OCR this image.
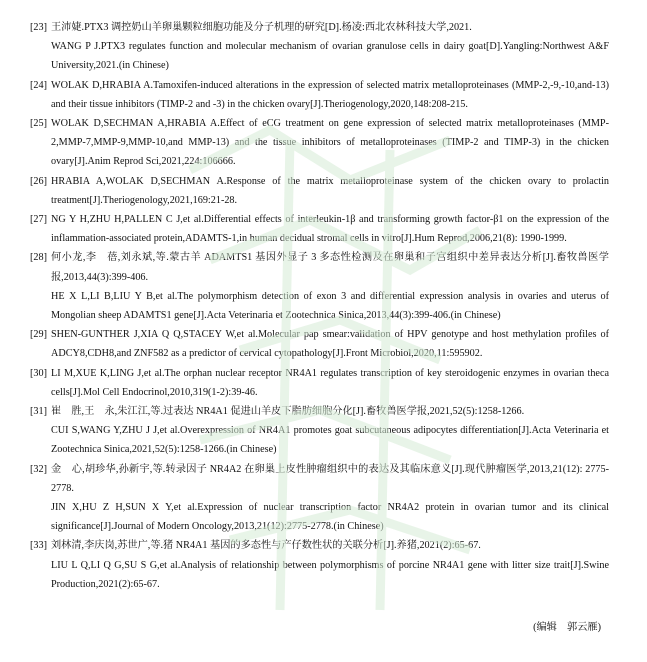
[23] 王沛婕.PTX3 调控奶山羊卵巢颗粒细胞功能及分子机理的研究[D].杨凌:西北农林科技大学,2021.
WANG P J.PTX3 regulates function and molecular mechanism of ovarian granulose cells in dairy goat[D].Yangling:Northwest A&F University,2021.(in Chinese)
[24] WOLAK D,HRABIA A.Tamoxifen-induced alterations in the expression of selected matrix metalloproteinases (MMP-2,-9,-10,and-13) and their tissue inhibitors (TIMP-2 and -3) in the chicken ovary[J].Theriogenology,2020,148:208-215.
[25] WOLAK D,SECHMAN A,HRABIA A.Effect of eCG treatment on gene expression of selected matrix metalloproteinases (MMP-2,MMP-7,MMP-9,MMP-10,and MMP-13) and the tissue inhibitors of metalloproteinases (TIMP-2 and TIMP-3) in the chicken ovary[J].Anim Reprod Sci,2021,224:106666.
[26] HRABIA A,WOLAK D,SECHMAN A.Response of the matrix metalloproteinase system of the chicken ovary to prolactin treatment[J].Theriogenology,2021,169:21-28.
[27] NG Y H,ZHU H,PALLEN C J,et al.Differential effects of interleukin-1β and transforming growth factor-β1 on the expression of the inflammation-associated protein,ADAMTS-1,in human decidual stromal cells in vitro[J].Hum Reprod,2006,21(8): 1990-1999.
[28] 何小龙,李　蓓,刘永斌,等.蒙古羊 ADAMTS1 基因外显子 3 多态性检测及在卵巢和子宫组织中差异表达分析[J].畜牧兽医学报,2013,44(3):399-406.
HE X L,LI B,LIU Y B,et al.The polymorphism detection of exon 3 and differential expression analysis in ovaries and uterus of Mongolian sheep ADAMTS1 gene[J].Acta Veterinaria et Zootechnica Sinica,2013,44(3):399-406.(in Chinese)
[29] SHEN-GUNTHER J,XIA Q Q,STACEY W,et al.Molecular pap smear:validation of HPV genotype and host methylation profiles of ADCY8,CDH8,and ZNF582 as a predictor of cervical cytopathology[J].Front Microbiol,2020,11:595902.
[30] LI M,XUE K,LING J,et al.The orphan nuclear receptor NR4A1 regulates transcription of key steroidogenic enzymes in ovarian theca cells[J].Mol Cell Endocrinol,2010,319(1-2):39-46.
[31] 崔　胜,王　永,朱江江,等.过表达 NR4A1 促进山羊皮下脂肪细胞分化[J].畜牧兽医学报,2021,52(5):1258-1266.
CUI S,WANG Y,ZHU J J,et al.Overexpression of NR4A1 promotes goat subcutaneous adipocytes differentiation[J].Acta Veterinaria et Zootechnica Sinica,2021,52(5):1258-1266.(in Chinese)
[32] 金　心,胡珍华,孙新宇,等.转录因子 NR4A2 在卵巢上皮性肿瘤组织中的表达及其临床意义[J].现代肿瘤医学,2013,21(12): 2775-2778.
JIN X,HU Z H,SUN X Y,et al.Expression of nuclear transcription factor NR4A2 protein in ovarian tumor and its clinical significance[J].Journal of Modern Oncology,2013,21(12):2775-2778.(in Chinese)
[33] 刘林清,李庆岗,苏世广,等.猪 NR4A1 基因的多态性与产仔数性状的关联分析[J].养猪,2021(2):65-67.
LIU L Q,LI Q G,SU S G,et al.Analysis of relationship between polymorphisms of porcine NR4A1 gene with litter size trait[J].Swine Production,2021(2):65-67.
(编辑　郭云雁)
